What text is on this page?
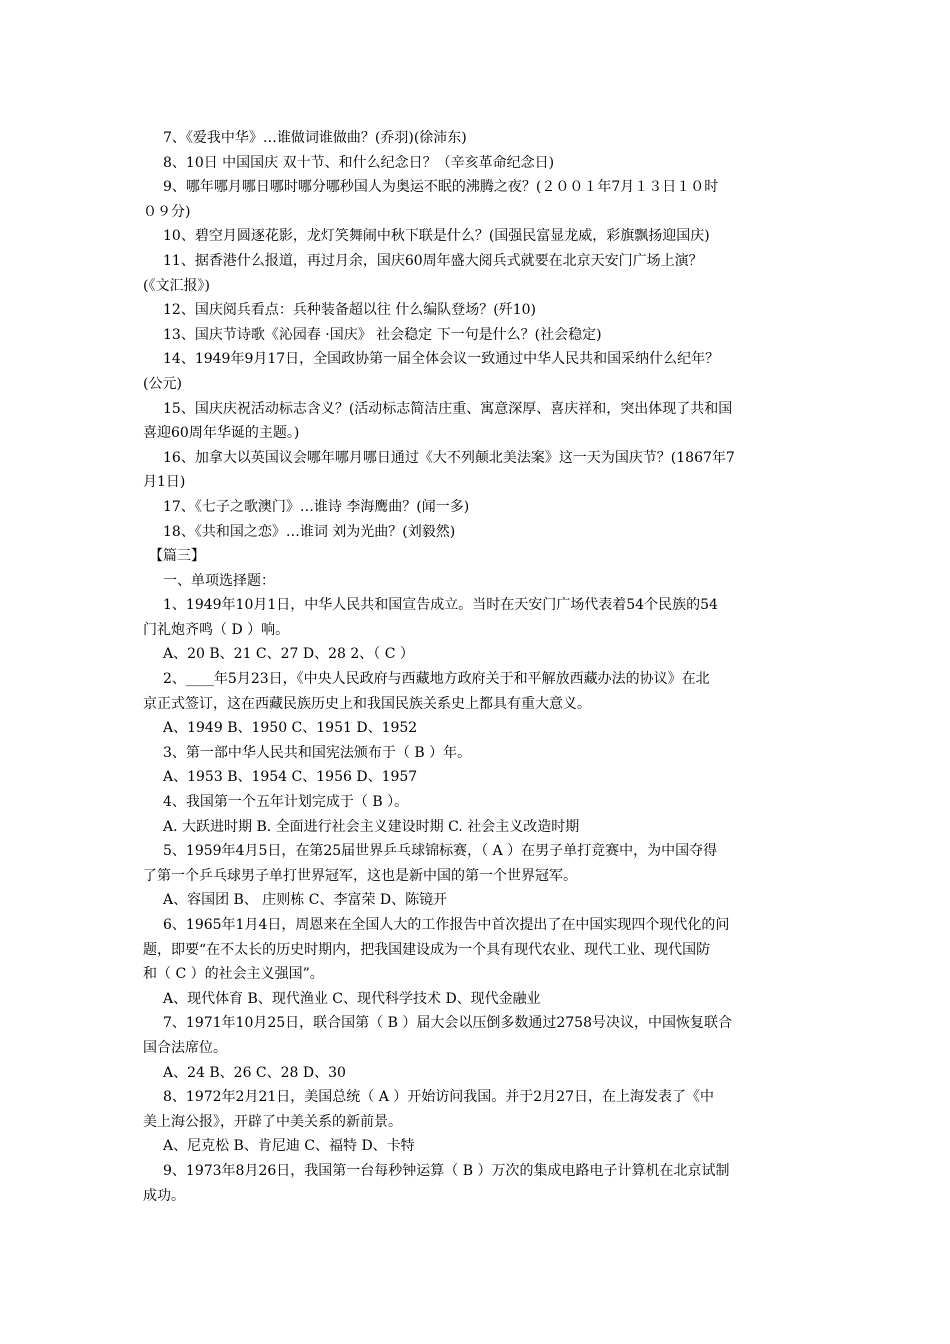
7、《爱我中华》…谁做词谁做曲？(乔羽)(徐沛东)
8、10日 中国国庆 双十节、和什么纪念日？（辛亥革命纪念日)
9、哪年哪月哪日哪时哪分哪秒国人为奥运不眠的沸腾之夜？(２００１年7月１３日１０时
０９分)
10、碧空月圆逐花影，龙灯笑舞闹中秋下联是什么？(国强民富显龙威，彩旗飘扬迎国庆)
11、据香港什么报道，再过月余，国庆60周年盛大阅兵式就要在北京天安门广场上演？
(《文汇报》)
12、国庆阅兵看点：兵种装备超以往 什么编队登场？(歼10)
13、国庆节诗歌《沁园春 ·国庆》 社会稳定 下一句是什么？(社会稳定)
14、1949年9月17日，全国政协第一届全体会议一致通过中华人民共和国采纳什么纪年？
(公元)
15、国庆庆祝活动标志含义？(活动标志简洁庄重、寓意深厚、喜庆祥和，突出体现了共和国
喜迎60周年华诞的主题。)
16、加拿大以英国议会哪年哪月哪日通过《大不列颠北美法案》这一天为国庆节？(1867年7
月1日)
17、《七子之歌澳门》…谁诗 李海鹰曲？(闻一多)
18、《共和国之恋》…谁词 刘为光曲？(刘毅然)
【篇三】
一、单项选择题：
1、1949年10月1日，中华人民共和国宣告成立。当时在天安门广场代表着54个民族的54
门礼炮齐鸣（ D ）响。
A、20 B、21 C、27 D、28 2、（ C ）
2、____年5月23日，《中央人民政府与西藏地方政府关于和平解放西藏办法的协议》在北
京正式签订，这在西藏民族历史上和我国民族关系史上都具有重大意义。
A、1949 B、1950 C、1951 D、1952
3、第一部中华人民共和国宪法颁布于（ B ）年。
A、1953 B、1954 C、1956 D、1957
4、我国第一个五年计划完成于（ B ）。
A. 大跃进时期 B. 全面进行社会主义建设时期 C. 社会主义改造时期
5、1959年4月5日，在第25届世界乒乓球锦标赛，（ A ）在男子单打竞赛中，为中国夺得
了第一个乒乓球男子单打世界冠军，这也是新中国的第一个世界冠军。
A、容国团 B、 庄则栋 C、李富荣 D、陈镜开
6、1965年1月4日，周恩来在全国人大的工作报告中首次提出了在中国实现四个现代化的问
题，即要“在不太长的历史时期内，把我国建设成为一个具有现代农业、现代工业、现代国防
和（ C ）的社会主义强国”。
A、现代体育 B、现代渔业 C、现代科学技术 D、现代金融业
7、1971年10月25日，联合国第（ B ）届大会以压倒多数通过2758号决议，中国恢复联合
国合法席位。
A、24 B、26 C、28 D、30
8、1972年2月21日，美国总统（ A ）开始访问我国。并于2月27日，在上海发表了《中
美上海公报》，开辟了中美关系的新前景。
A、尼克松 B、肯尼迪 C、福特 D、卡特
9、1973年8月26日，我国第一台每秒钟运算（ B ）万次的集成电路电子计算机在北京试制
成功。
